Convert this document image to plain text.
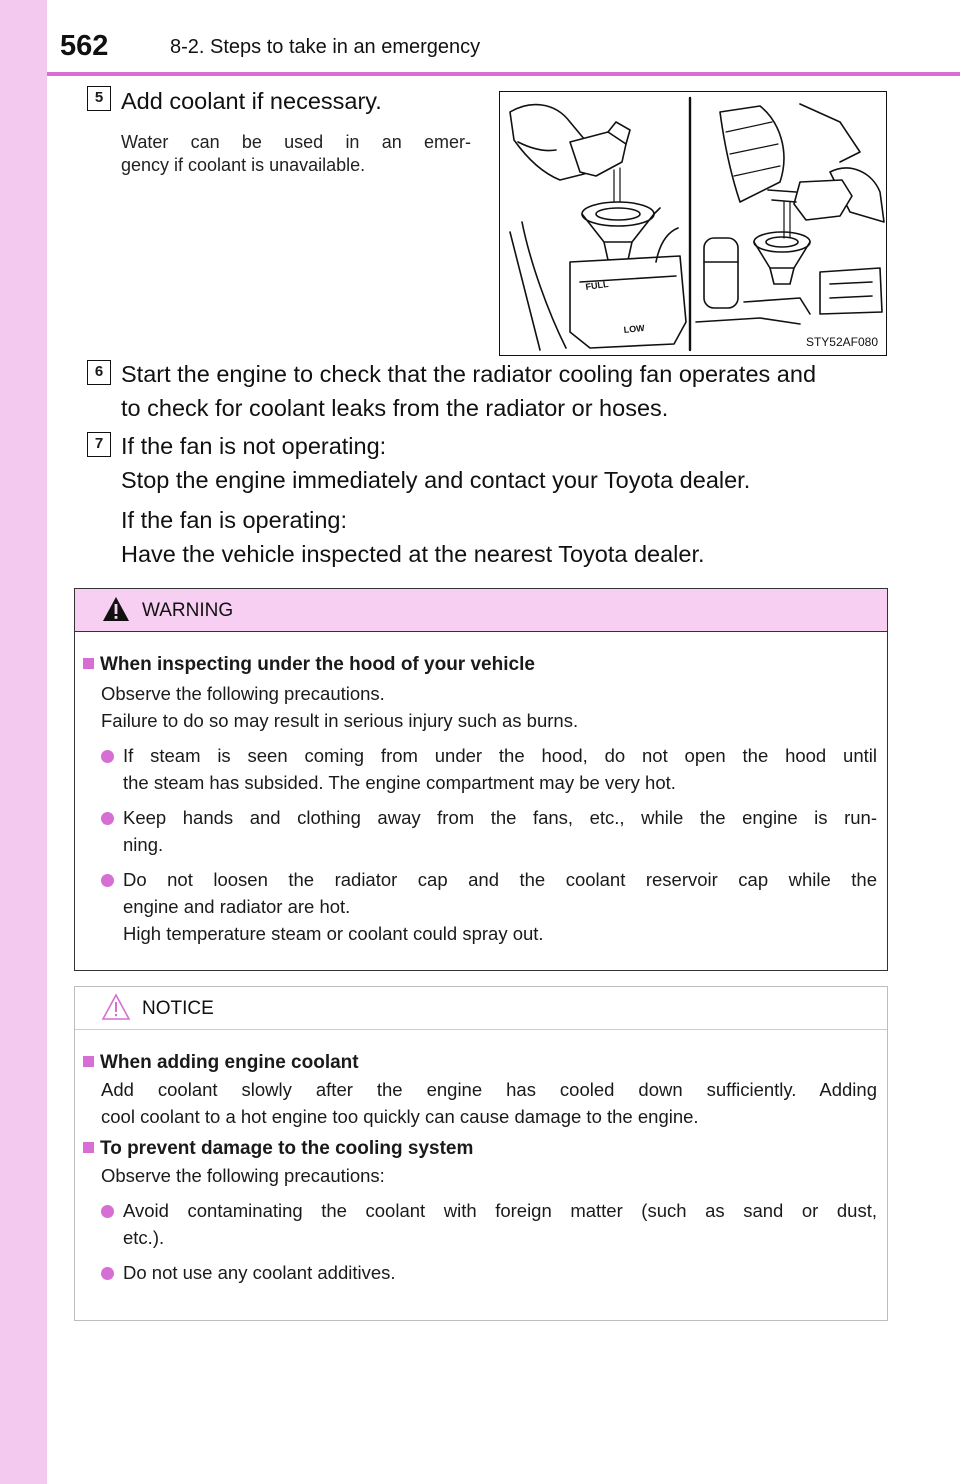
562	8-2. Steps to take in an emergency
5 Add coolant if necessary.
Water can be used in an emer-
gency if coolant is unavailable.
FULL
LOW
STY52AF080
6 Start the engine to check that the radiator cooling fan operates and
to check for coolant leaks from the radiator or hoses.
7 If the fan is not operating:
Stop the engine immediately and contact your Toyota dealer.
If the fan is operating:
Have the vehicle inspected at the nearest Toyota dealer.
WARNING
When inspecting under the hood of your vehicle
Observe the following precautions.
Failure to do so may result in serious injury such as burns.
If steam is seen coming from under the hood, do not open the hood until
the steam has subsided. The engine compartment may be very hot.
Keep hands and clothing away from the fans, etc., while the engine is run-
ning.
Do not loosen the radiator cap and the coolant reservoir cap while the
engine and radiator are hot.
High temperature steam or coolant could spray out.
NOTICE
When adding engine coolant
Add coolant slowly after the engine has cooled down sufficiently. Adding
cool coolant to a hot engine too quickly can cause damage to the engine.
To prevent damage to the cooling system
Observe the following precautions:
Avoid contaminating the coolant with foreign matter (such as sand or dust,
etc.).
Do not use any coolant additives.
